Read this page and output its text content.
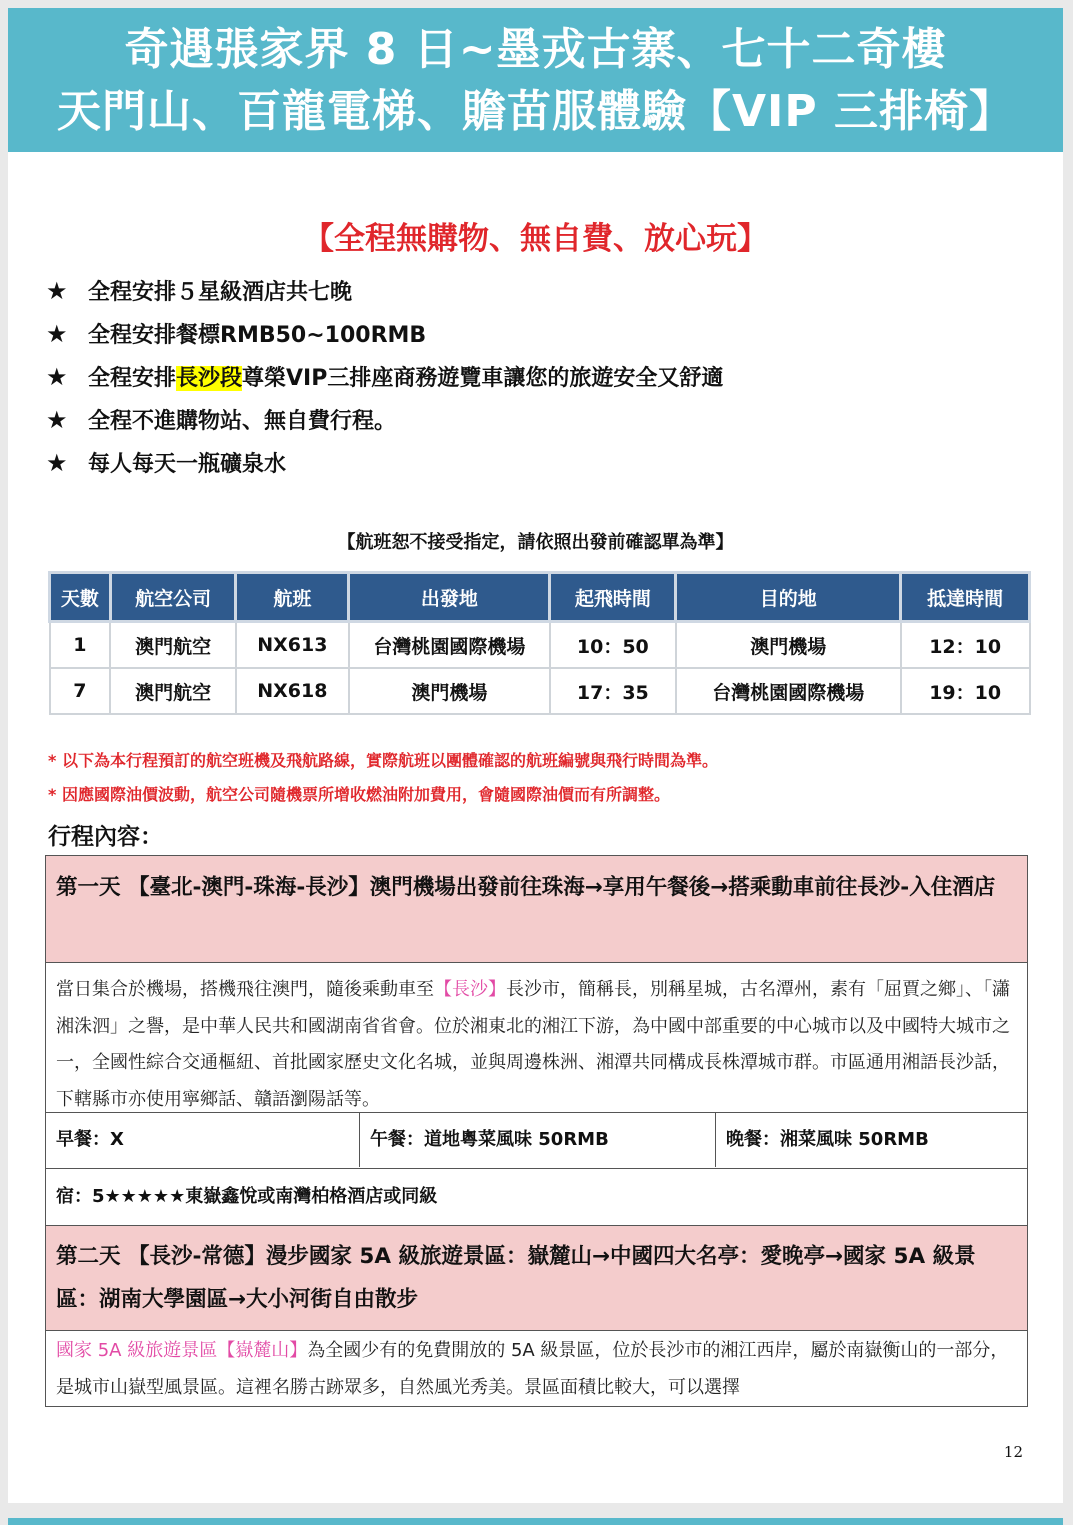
奇遇張家界 8 日~墨戎古寨、七十二奇樓
天門山、百龍電梯、贍苗服體驗【VIP 三排椅】
【全程無購物、無自費、放心玩】
★ 全程安排５星級酒店共七晚
★ 全程安排餐標RMB50~100RMB
★ 全程安排長沙段尊榮VIP三排座商務遊覽車讓您的旅遊安全又舒適
★ 全程不進購物站、無自費行程。
★ 每人每天一瓶礦泉水
【航班恕不接受指定，請依照出發前確認單為準】
天數	航空公司	航班	出發地	起飛時間	目的地	抵達時間
1	澳門航空	NX613	台灣桃園國際機場	10：50	澳門機場	12：10
7	澳門航空	NX618	澳門機場	17：35	台灣桃園國際機場	19：10
* 以下為本行程預訂的航空班機及飛航路線，實際航班以團體確認的航班編號與飛行時間為準。
* 因應國際油價波動，航空公司隨機票所增收燃油附加費用，會隨國際油價而有所調整。
行程內容：
第一天 【臺北-澳門-珠海-長沙】澳門機場出發前往珠海→享用午餐後→搭乘動車前往長沙-入住酒店
當日集合於機場，搭機飛往澳門，隨後乘動車至【長沙】長沙市，簡稱長，別稱星城，古名潭州，素有「屈賈之鄉」、「瀟湘洙泗」之譽，是中華人民共和國湖南省省會。位於湘東北的湘江下游，為中國中部重要的中心城市以及中國特大城市之一，全國性綜合交通樞紐、首批國家歷史文化名城，並與周邊株洲、湘潭共同構成長株潭城市群。市區通用湘語長沙話，下轄縣市亦使用寧鄉話、贛語瀏陽話等。
早餐：X	午餐：道地粵菜風味 50RMB	晚餐：湘菜風味 50RMB
宿：5★★★★★東嶽鑫悅或南灣柏格酒店或同級
第二天 【長沙-常德】漫步國家 5A 級旅遊景區：嶽麓山→中國四大名亭：愛晚亭→國家 5A 級景區：湖南大學園區→大小河街自由散步
國家 5A 級旅遊景區【嶽麓山】為全國少有的免費開放的 5A 級景區，位於長沙市的湘江西岸，屬於南嶽衡山的一部分，是城市山嶽型風景區。這裡名勝古跡眾多，自然風光秀美。景區面積比較大，可以選擇
12
